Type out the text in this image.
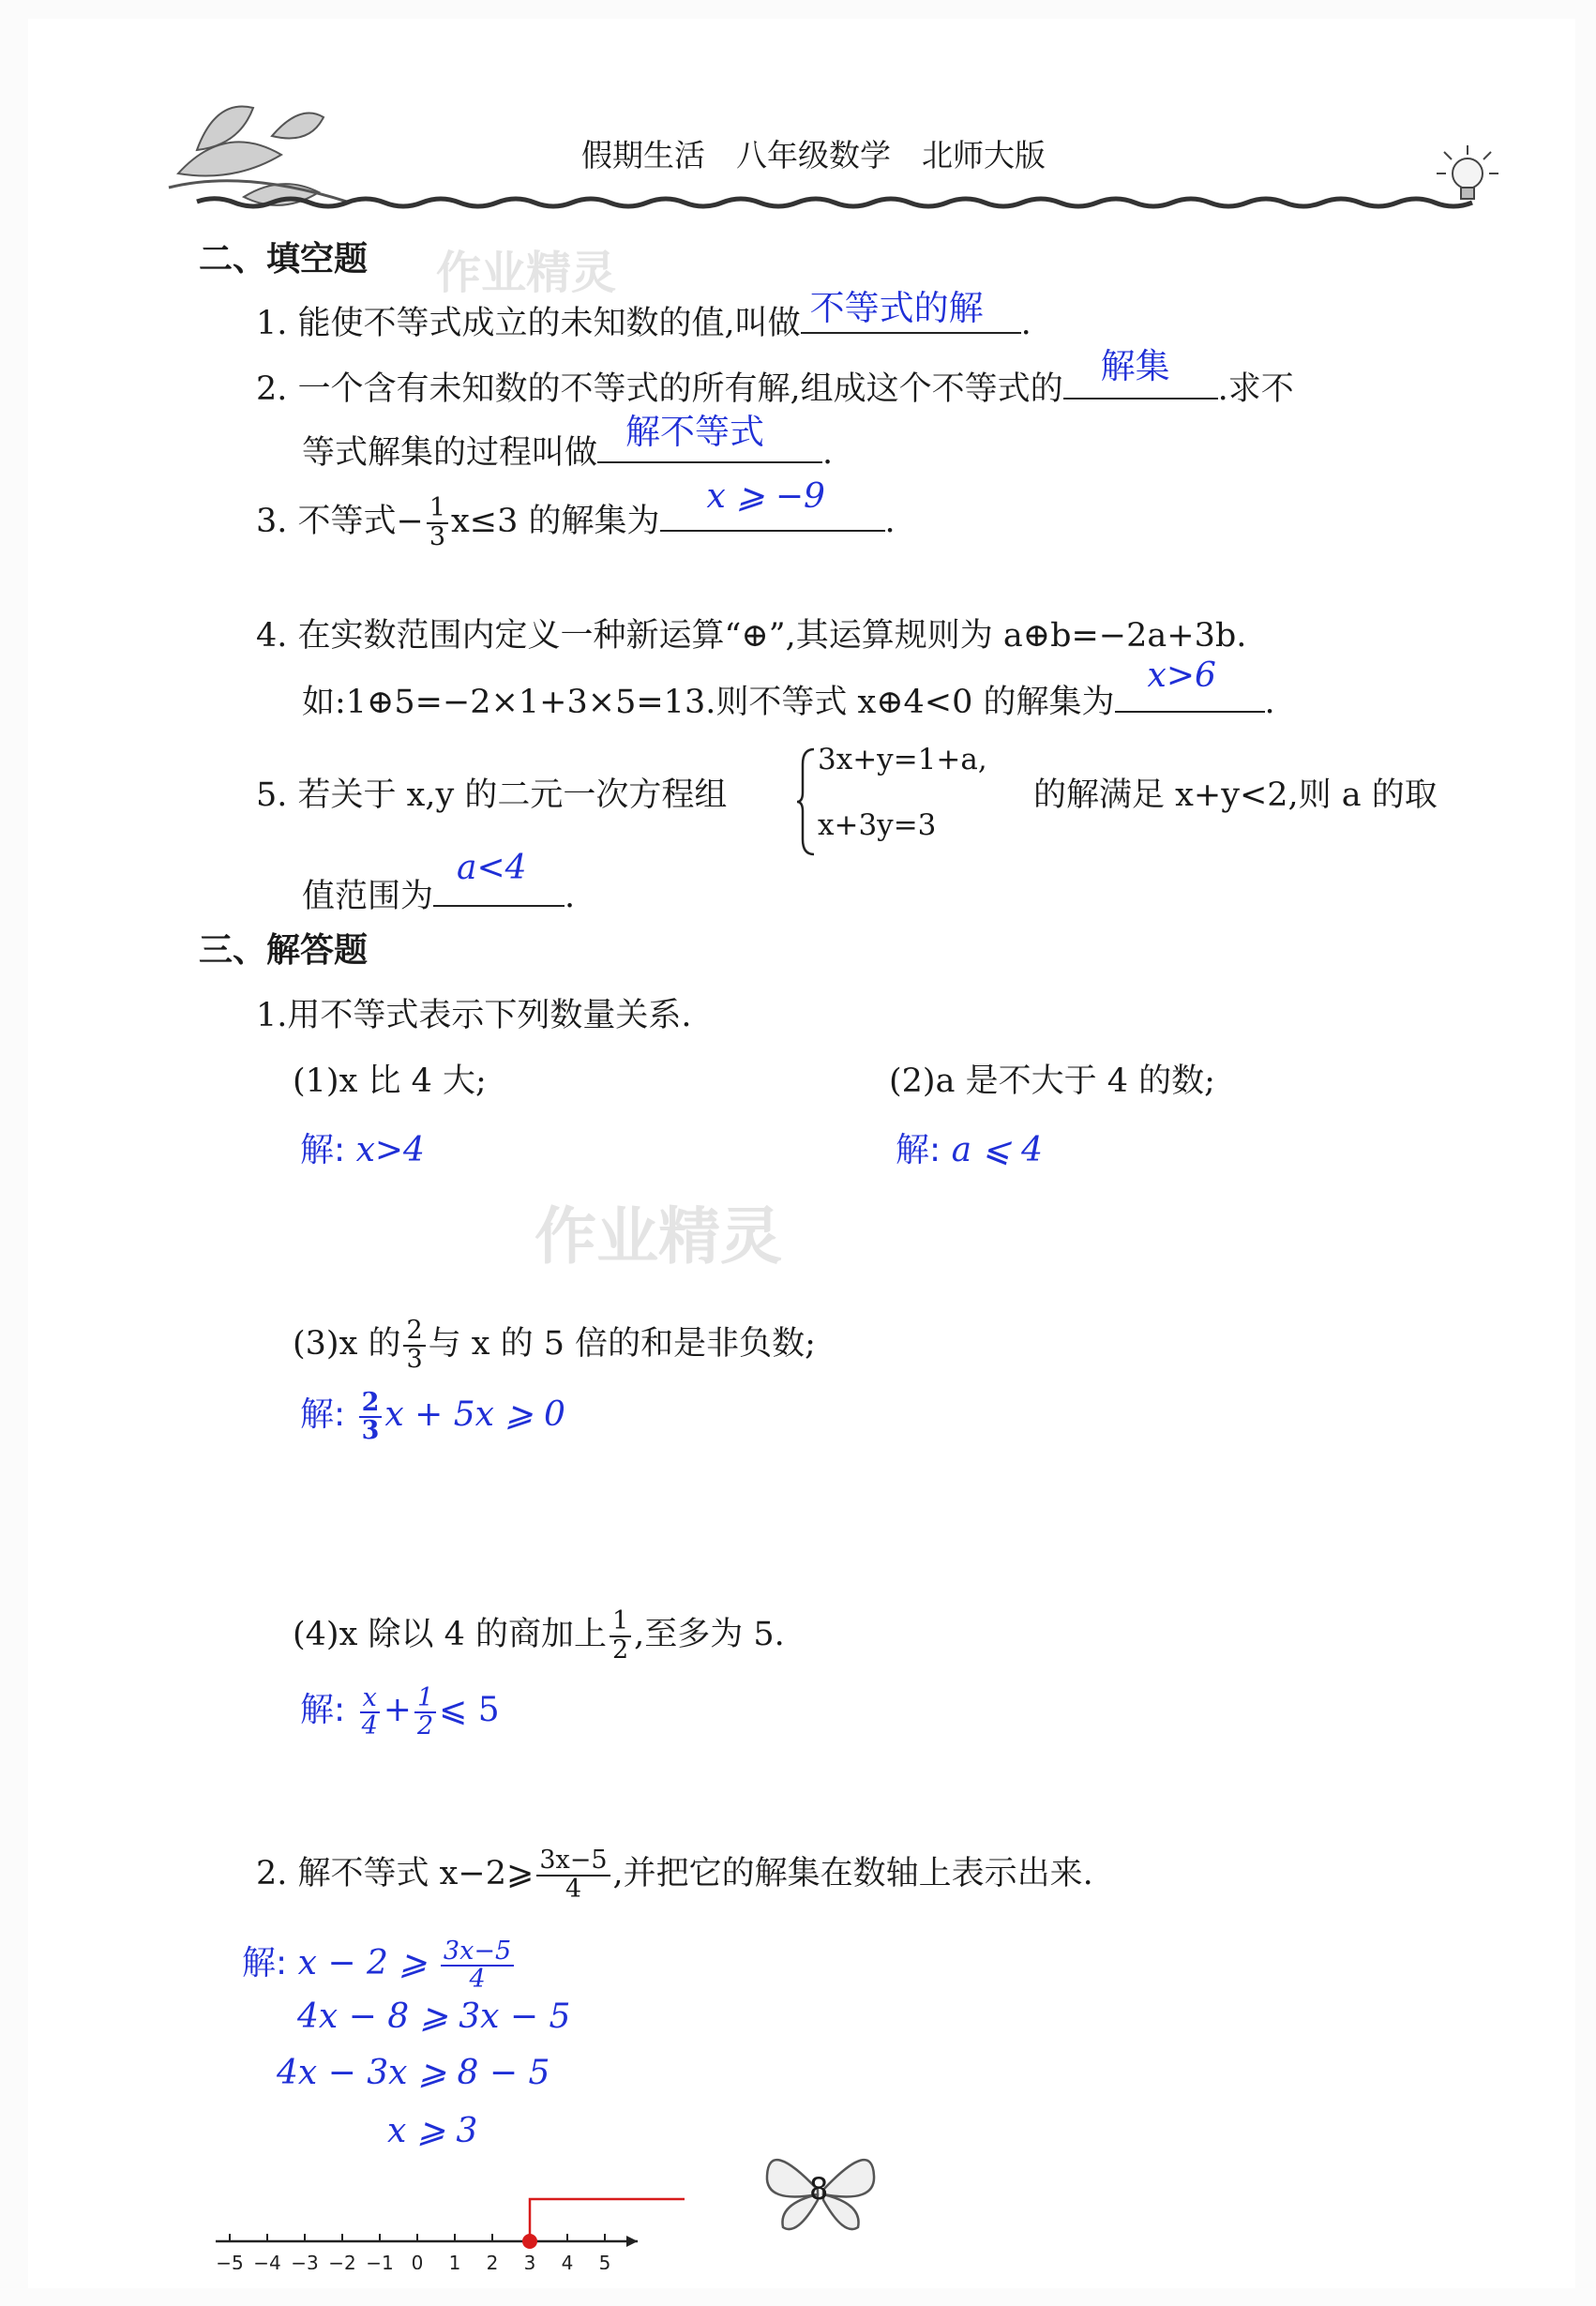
假期生活　八年级数学　北师大版
作业精灵
作业精灵
二、填空题
1. 能使不等式成立的未知数的值,叫做 不等式的解 .
2. 一个含有未知数的不等式的所有解,组成这个不等式的
解集
.求不
等式解集的过程叫做
解不等式
.
3. 不等式− $\frac{1}{3} x\le 3$ 的解集为
x ⩾ −9
.
4. 在实数范围内定义一种新运算“⊕”,其运算规则为 a⊕b=−2a+3b.
如:1⊕5=−2×1+3×5=13.则不等式 x⊕4<0 的解集为
x>6
.
5. 若关于 x,y 的二元一次方程组
3x+y=1+a,
x+3y=3
的解满足 x+y<2,则 a 的取
值范围为
a<4
.
三、解答题
1.用不等式表示下列数量关系.
(1)x 比 4 大;
解: x>4
(2)a 是不大于 4 的数;
解: a ⩽ 4
(3)x 的 $\frac{2}{3}$ 与 x 的 5 倍的和是非负数;
解: $\frac{2}{3}$ x + 5x ⩾ 0
(4)x 除以 4 的商加上 $\frac{1}{2}$ ,至多为 5.
解: $\frac{x}{4} + \frac{1}{2}$ ⩽ 5
2. 解不等式 x−2⩾ $\frac{3x-5}{4}$ ,并把它的解集在数轴上表示出来.
解: x − 2 ⩾ $\frac{3x-5}{4}$
4x − 8 ⩾ 3x − 5
4x − 3x ⩾ 8 − 5
x ⩾ 3
−5 −4 −3 −2 −1 0 1 2 3 4 5
8
